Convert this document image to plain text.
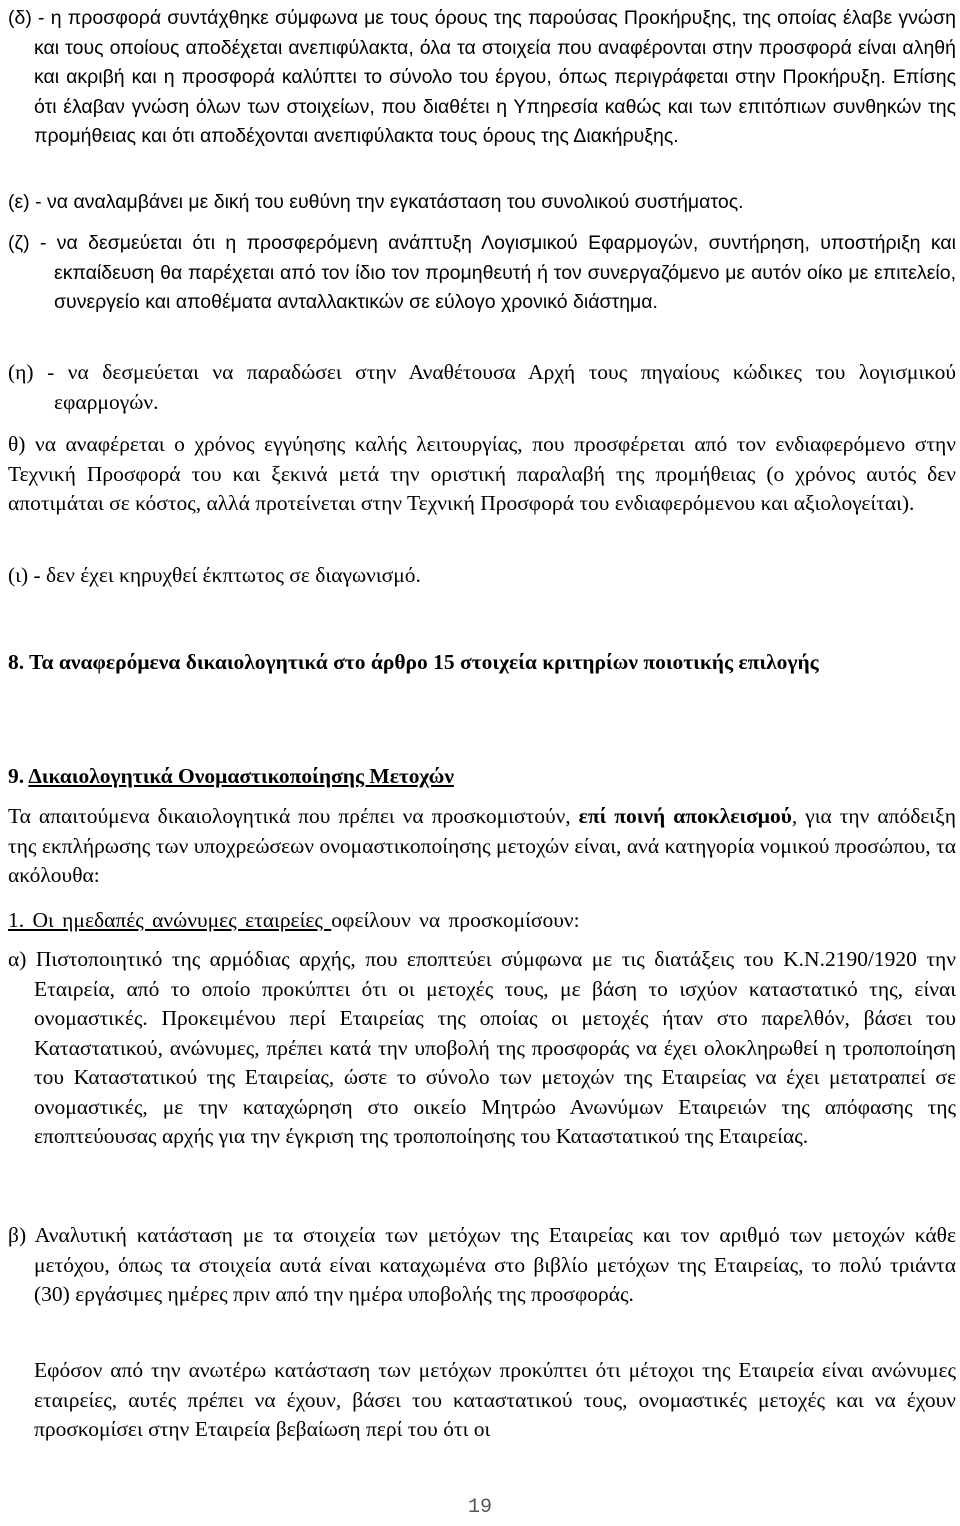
(δ) - η προσφορά συντάχθηκε σύμφωνα με τους όρους της παρούσας Προκήρυξης, της οποίας έλαβε γνώση και τους οποίους αποδέχεται ανεπιφύλακτα, όλα τα στοιχεία που αναφέρονται στην προσφορά είναι αληθή και ακριβή και η προσφορά καλύπτει το σύνολο του έργου, όπως περιγράφεται στην Προκήρυξη. Επίσης ότι έλαβαν γνώση όλων των στοιχείων, που διαθέτει η Υπηρεσία καθώς και των επιτόπιων συνθηκών της προμήθειας και ότι αποδέχονται ανεπιφύλακτα τους όρους της Διακήρυξης.

(ε) - να αναλαμβάνει με δική του ευθύνη την εγκατάσταση του συνολικού συστήματος.

(ζ) - να δεσμεύεται ότι η προσφερόμενη ανάπτυξη Λογισμικού Εφαρμογών, συντήρηση, υποστήριξη και εκπαίδευση θα παρέχεται από τον ίδιο τον προμηθευτή ή τον συνεργαζόμενο με αυτόν οίκο με επιτελείο, συνεργείο και αποθέματα ανταλλακτικών σε εύλογο χρονικό διάστημα.

(η) - να δεσμεύεται να παραδώσει στην Αναθέτουσα Αρχή τους πηγαίους κώδικες του λογισμικού εφαρμογών.

θ) να αναφέρεται ο χρόνος εγγύησης καλής λειτουργίας, που προσφέρεται από τον ενδιαφερόμενο στην Τεχνική Προσφορά του και ξεκινά μετά την οριστική παραλαβή της προμήθειας (ο χρόνος αυτός δεν αποτιμάται σε κόστος, αλλά προτείνεται στην Τεχνική Προσφορά του ενδιαφερόμενου και αξιολογείται).

(ι) - δεν έχει κηρυχθεί έκπτωτος σε διαγωνισμό.

8. Τα αναφερόμενα δικαιολογητικά στο άρθρο 15 στοιχεία κριτηρίων ποιοτικής επιλογής

9. Δικαιολογητικά Ονομαστικοποίησης Μετοχών

Τα απαιτούμενα δικαιολογητικά που πρέπει να προσκομιστούν, επί ποινή αποκλεισμού, για την απόδειξη της εκπλήρωσης των υποχρεώσεων ονομαστικοποίησης μετοχών είναι, ανά κατηγορία νομικού προσώπου, τα ακόλουθα:

1. Οι ημεδαπές ανώνυμες εταιρείες οφείλουν να προσκομίσουν:

α) Πιστοποιητικό της αρμόδιας αρχής, που εποπτεύει σύμφωνα με τις διατάξεις του Κ.Ν.2190/1920 την Εταιρεία, από το οποίο προκύπτει ότι οι μετοχές τους, με βάση το ισχύον καταστατικό της, είναι ονομαστικές. Προκειμένου περί Εταιρείας της οποίας οι μετοχές ήταν στο παρελθόν, βάσει του Καταστατικού, ανώνυμες, πρέπει κατά την υποβολή της προσφοράς να έχει ολοκληρωθεί η τροποποίηση του Καταστατικού της Εταιρείας, ώστε το σύνολο των μετοχών της Εταιρείας να έχει μετατραπεί σε ονομαστικές, με την καταχώρηση στο οικείο Μητρώο Ανωνύμων Εταιρειών της απόφασης της εποπτεύουσας αρχής για την έγκριση της τροποποίησης του Καταστατικού της Εταιρείας.

β) Αναλυτική κατάσταση με τα στοιχεία των μετόχων της Εταιρείας και τον αριθμό των μετοχών κάθε μετόχου, όπως τα στοιχεία αυτά είναι καταχωμένα στο βιβλίο μετόχων της Εταιρείας, το πολύ τριάντα (30) εργάσιμες ημέρες πριν από την ημέρα υποβολής της προσφοράς.

Εφόσον από την ανωτέρω κατάσταση των μετόχων προκύπτει ότι μέτοχοι της Εταιρεία είναι ανώνυμες εταιρείες, αυτές πρέπει να έχουν, βάσει του καταστατικού τους, ονομαστικές μετοχές και να έχουν προσκομίσει στην Εταιρεία βεβαίωση περί του ότι οι

19
